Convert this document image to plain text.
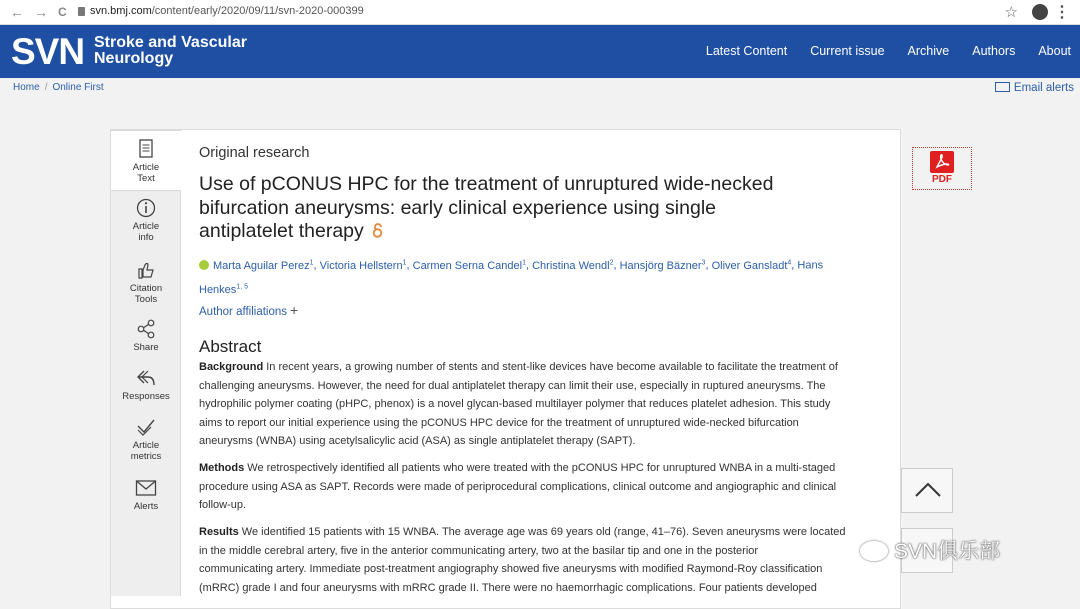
← → C svn.bmj.com/content/early/2020/09/11/svn-2020-000399	☆ ⋮
SVN Stroke and Vascular
Neurology	Latest Content	Current issue	Archive	Authors	About
Home / Online First	Email alerts
Article
Text
Article
info
Citation
Tools
Share
Responses
Article
metrics
Alerts
Original research
Use of pCONUS HPC for the treatment of unruptured wide-necked
bifurcation aneurysms: early clinical experience using single
antiplatelet therapy
PDF
Marta Aguilar Perez$^1$, Victoria Hellstern$^1$, Carmen Serna Candel$^1$, Christina Wendl$^2$, Hansjörg Bäzner$^3$, Oliver Gansladt$^4$, Hans
Henkes$^{1, 5}$
Author affiliations +
Abstract
Background In recent years, a growing number of stents and stent-like devices have become available to facilitate the treatment of
challenging aneurysms. However, the need for dual antiplatelet therapy can limit their use, especially in ruptured aneurysms. The
hydrophilic polymer coating (pHPC, phenox) is a novel glycan-based multilayer polymer that reduces platelet adhesion. This study
aims to report our initial experience using the pCONUS HPC device for the treatment of unruptured wide-necked bifurcation
aneurysms (WNBA) using acetylsalicylic acid (ASA) as single antiplatelet therapy (SAPT).
Methods We retrospectively identified all patients who were treated with the pCONUS HPC for unruptured WNBA in a multi-staged
procedure using ASA as SAPT. Records were made of periprocedural complications, clinical outcome and angiographic and clinical
follow-up.
Results We identified 15 patients with 15 WNBA. The average age was 69 years old (range, 41–76). Seven aneurysms were located
in the middle cerebral artery, five in the anterior communicating artery, two at the basilar tip and one in the posterior
communicating artery. Immediate post-treatment angiography showed five aneurysms with modified Raymond-Roy classification
(mRRC) grade I and four aneurysms with mRRC grade II. There were no haemorrhagic complications. Four patients developed
SVN俱乐部
